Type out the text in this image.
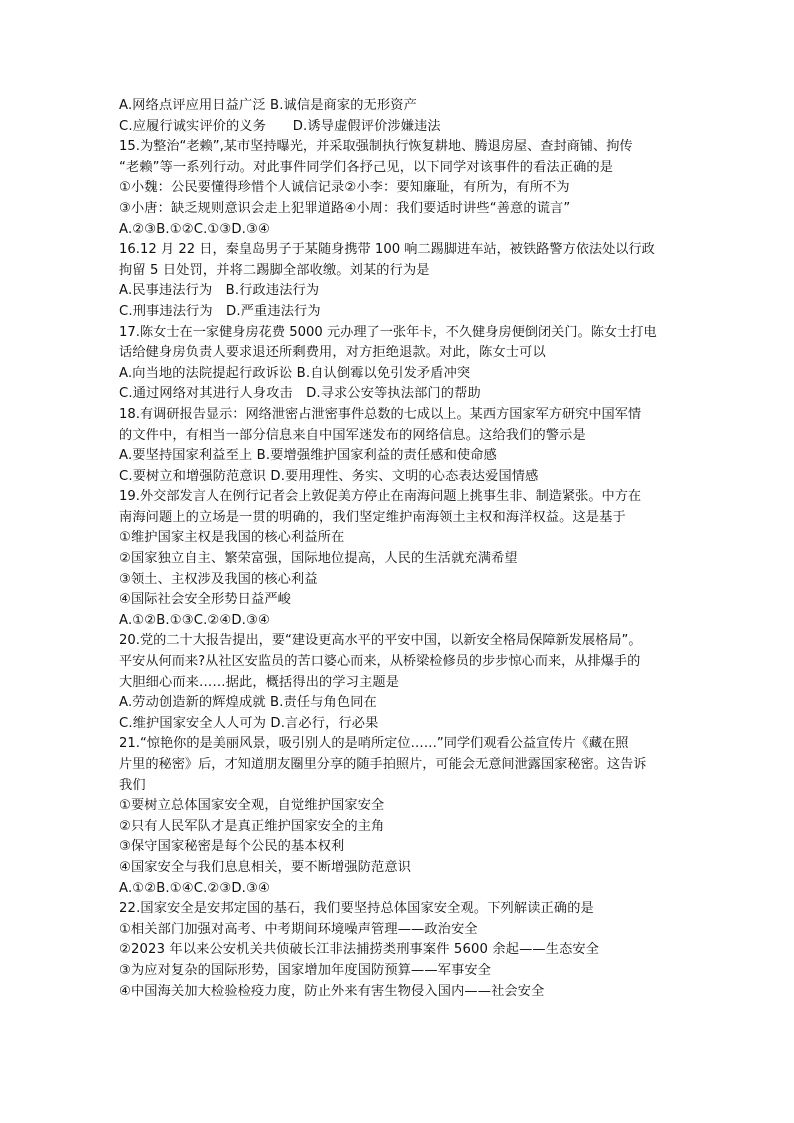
A.网络点评应用日益广泛 B.诚信是商家的无形资产
C.应履行诚实评价的义务　　D.诱导虚假评价涉嫌违法
15.为整治“老赖”,某市坚持曝光，并采取强制执行恢复耕地、腾退房屋、查封商铺、拘传
“老赖”等一系列行动。对此事件同学们各抒己见，以下同学对该事件的看法正确的是
①小魏：公民要懂得珍惜个人诚信记录②小李：要知廉耻，有所为，有所不为
③小唐：缺乏规则意识会走上犯罪道路④小周：我们要适时讲些“善意的谎言”
A.②③B.①②C.①③D.③④
16.12 月 22 日，秦皇岛男子于某随身携带 100 响二踢脚进车站，被铁路警方依法处以行政
拘留 5 日处罚，并将二踢脚全部收缴。刘某的行为是
A.民事违法行为　B.行政违法行为
C.刑事违法行为　D.严重违法行为
17.陈女士在一家健身房花费 5000 元办理了一张年卡，不久健身房便倒闭关门。陈女士打电
话给健身房负责人要求退还所剩费用，对方拒绝退款。对此，陈女士可以
A.向当地的法院提起行政诉讼 B.自认倒霉以免引发矛盾冲突
C.通过网络对其进行人身攻击　D.寻求公安等执法部门的帮助
18.有调研报告显示：网络泄密占泄密事件总数的七成以上。某西方国家军方研究中国军情
的文件中，有相当一部分信息来自中国军迷发布的网络信息。这给我们的警示是
A.要坚持国家利益至上 B.要增强维护国家利益的责任感和使命感
C.要树立和增强防范意识 D.要用理性、务实、文明的心态表达爱国情感
19.外交部发言人在例行记者会上敦促美方停止在南海问题上挑事生非、制造紧张。中方在
南海问题上的立场是一贯的明确的，我们坚定维护南海领土主权和海洋权益。这是基于
①维护国家主权是我国的核心利益所在
②国家独立自主、繁荣富强，国际地位提高，人民的生活就充满希望
③领土、主权涉及我国的核心利益
④国际社会安全形势日益严峻
A.①②B.①③C.②④D.③④
20.党的二十大报告提出，要“建设更高水平的平安中国，以新安全格局保障新发展格局”。
平安从何而来?从社区安监员的苦口婆心而来，从桥梁检修员的步步惊心而来，从排爆手的
大胆细心而来……据此，概括得出的学习主题是
A.劳动创造新的辉煌成就 B.责任与角色同在
C.维护国家安全人人可为 D.言必行，行必果
21.“惊艳你的是美丽风景，吸引别人的是哨所定位……”同学们观看公益宣传片《藏在照
片里的秘密》后，才知道朋友圈里分享的随手拍照片，可能会无意间泄露国家秘密。这告诉
我们
①要树立总体国家安全观，自觉维护国家安全
②只有人民军队才是真正维护国家安全的主角
③保守国家秘密是每个公民的基本权利
④国家安全与我们息息相关，要不断增强防范意识
A.①②B.①④C.②③D.③④
22.国家安全是安邦定国的基石，我们要坚持总体国家安全观。下列解读正确的是
①相关部门加强对高考、中考期间环境噪声管理——政治安全
②2023 年以来公安机关共侦破长江非法捕捞类刑事案件 5600 余起——生态安全
③为应对复杂的国际形势，国家增加年度国防预算——军事安全
④中国海关加大检验检疫力度，防止外来有害生物侵入国内——社会安全
